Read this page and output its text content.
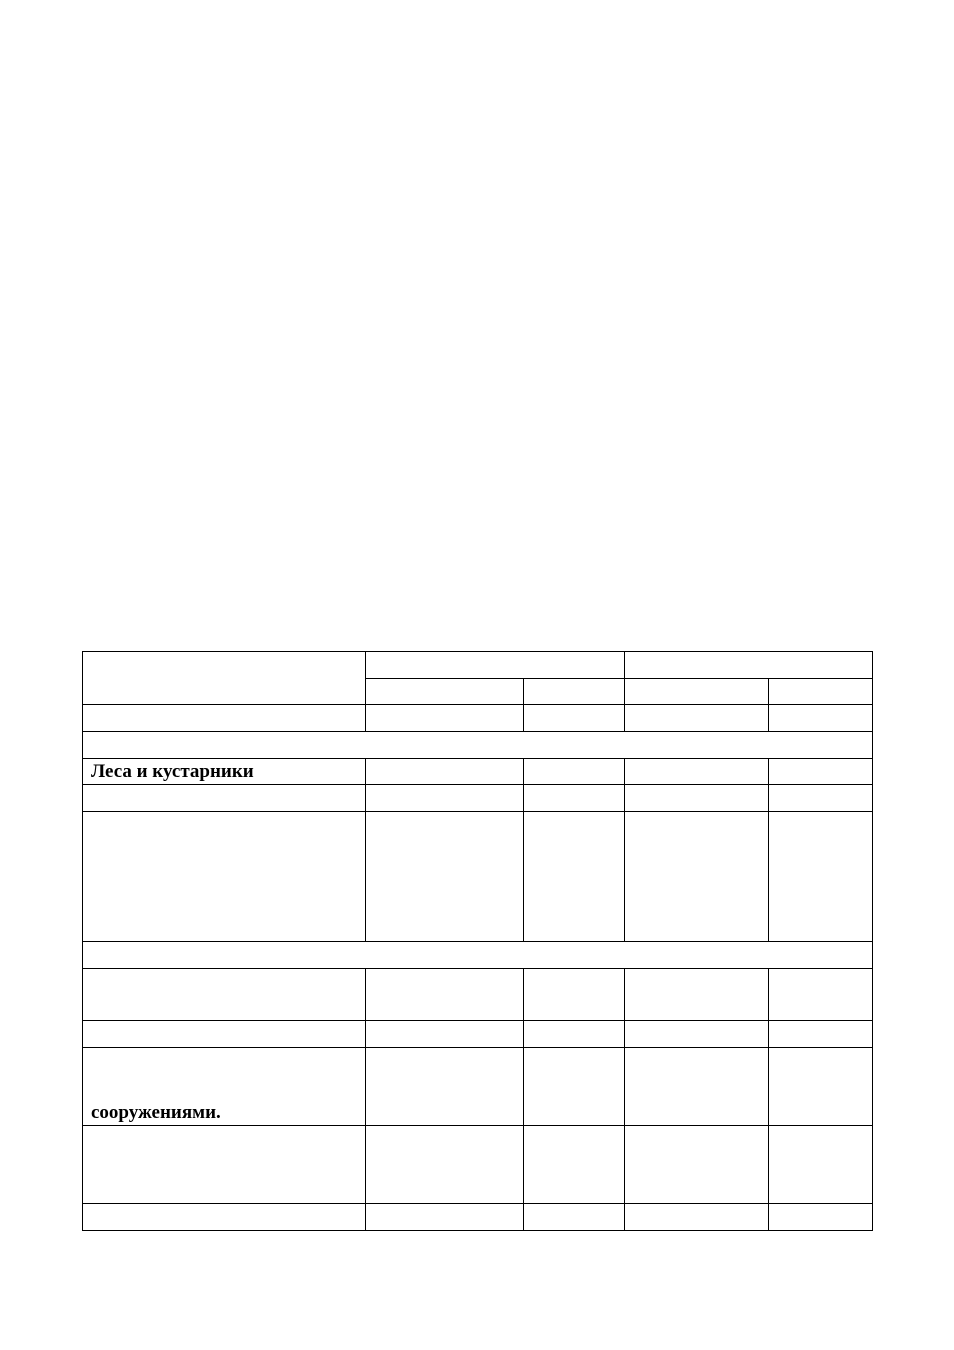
Леса и кустарники				

сооружениями.				
